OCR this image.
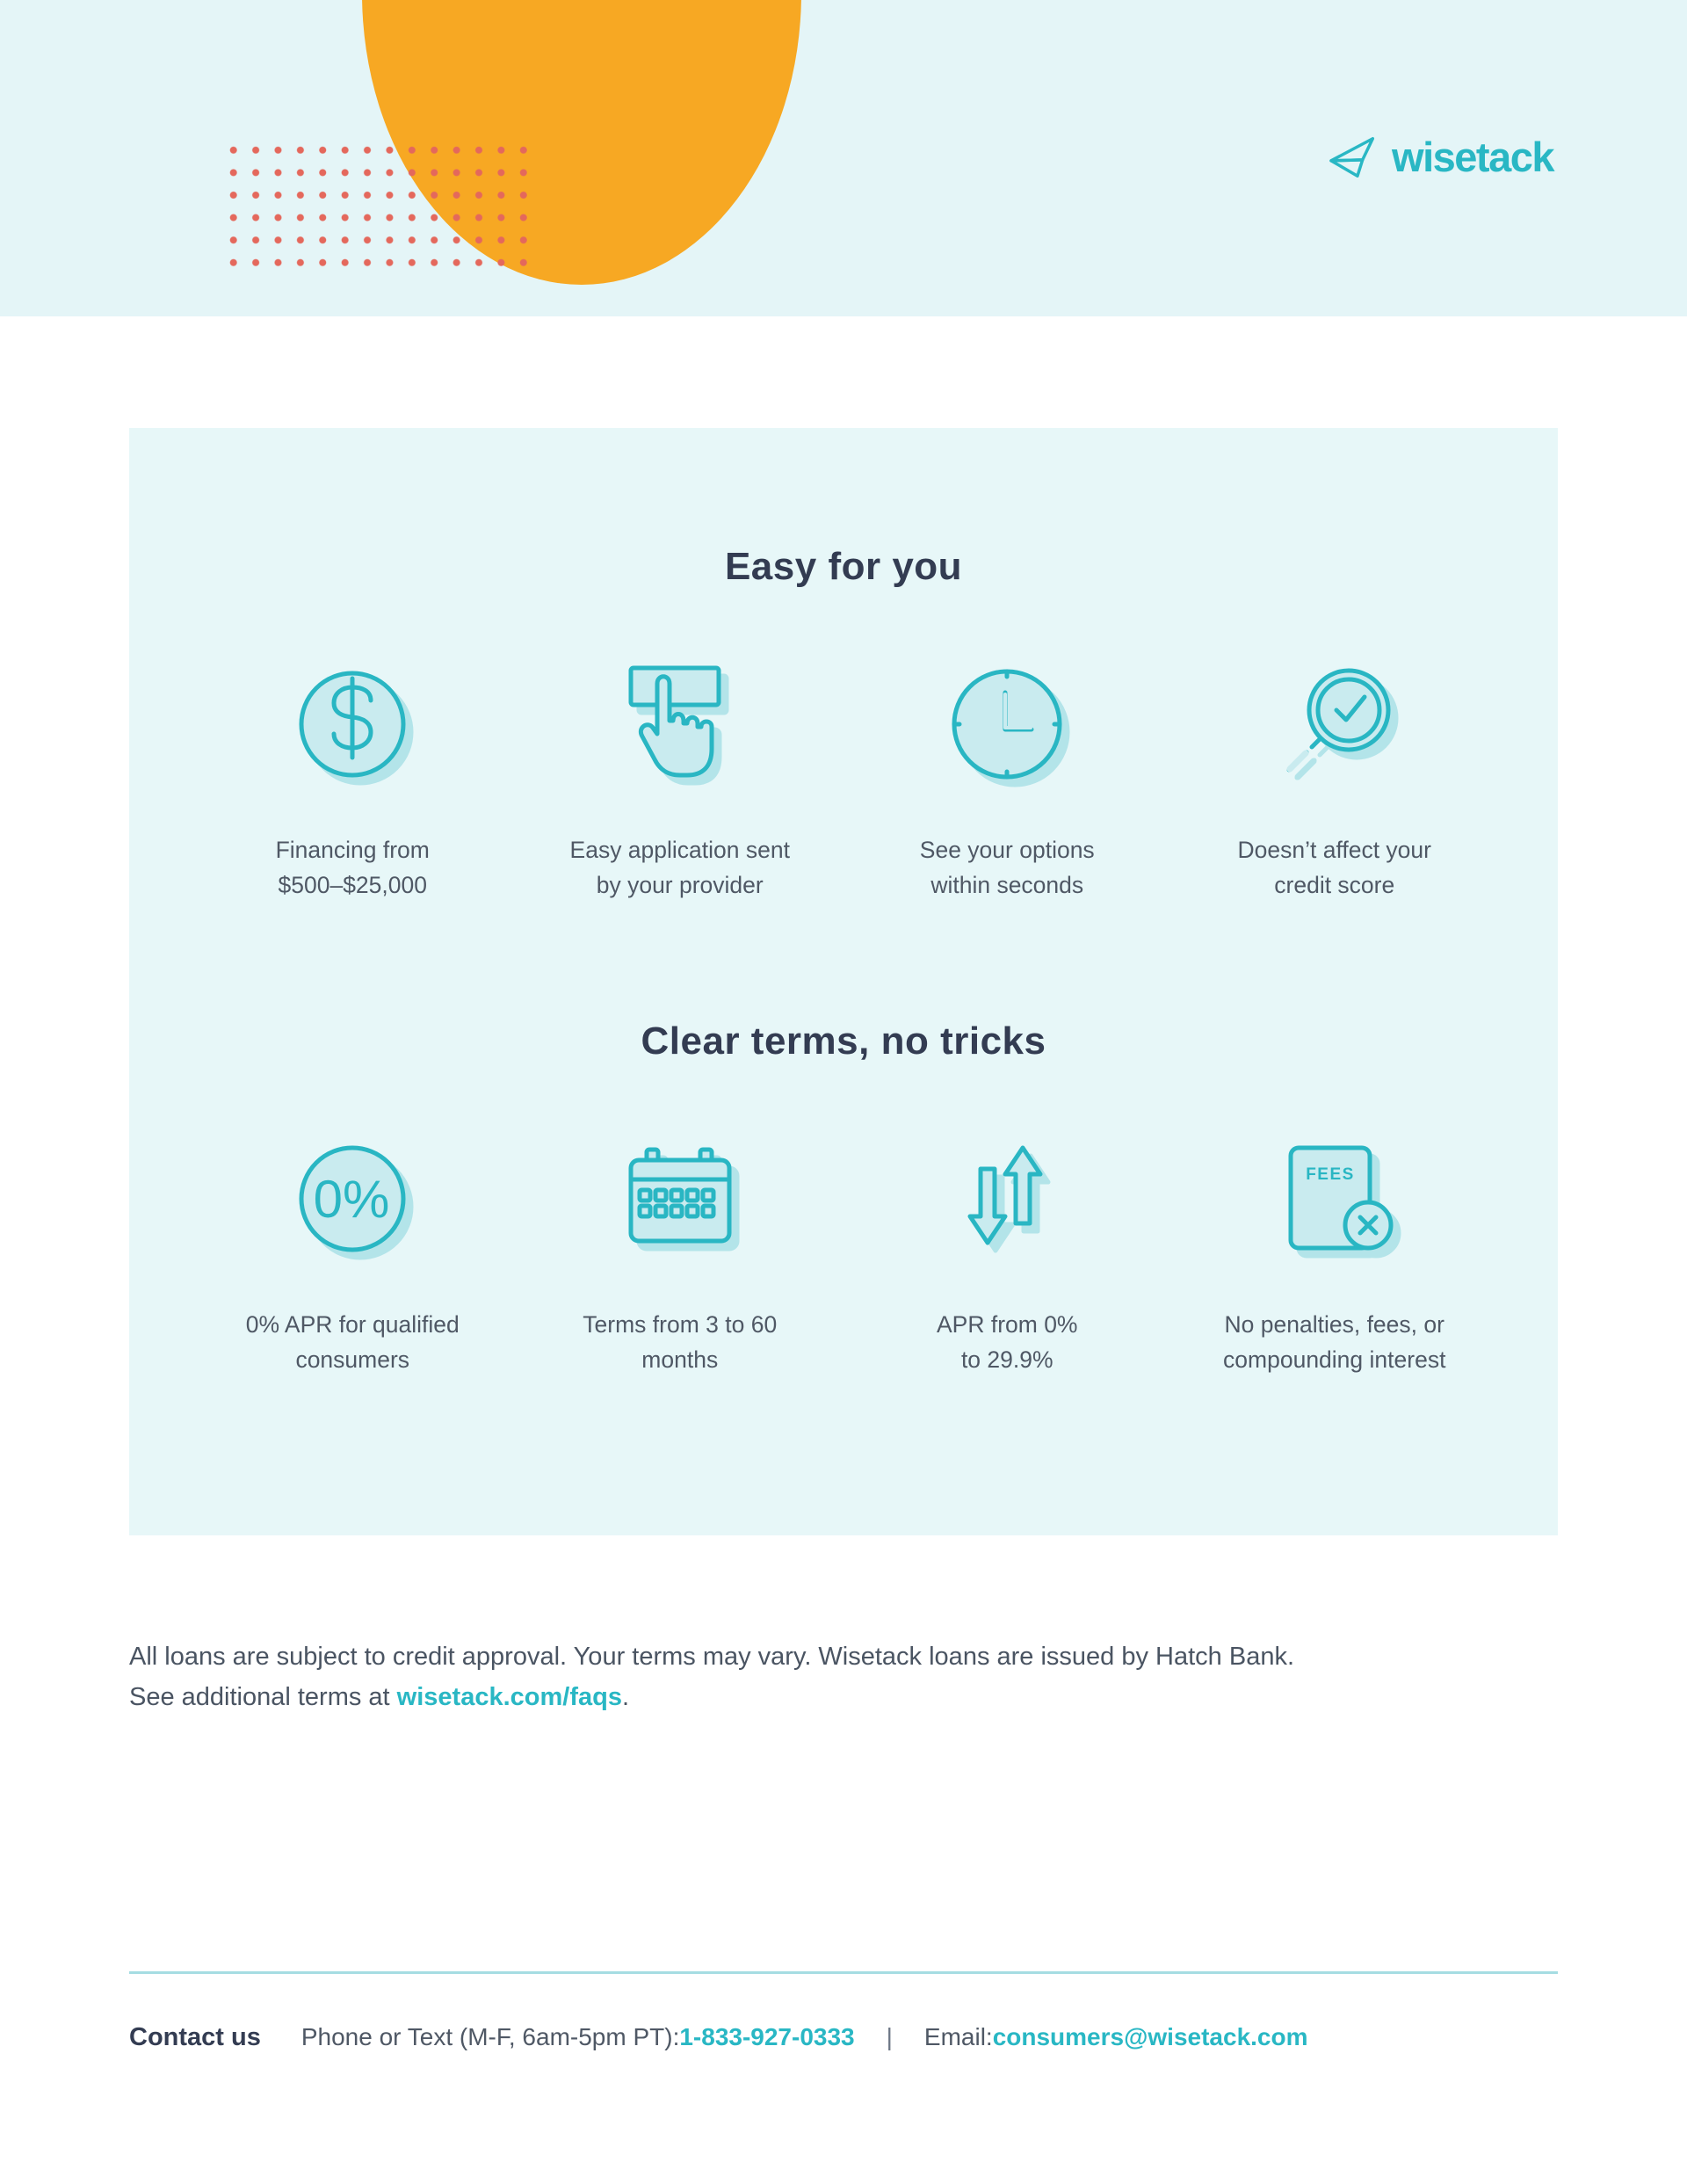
wisetack
Easy for you
Financing from
$500–$25,000
Easy application sent
by your provider
See your options
within seconds
Doesn’t affect your
credit score
Clear terms, no tricks
0%
0% APR for qualified
consumers
Terms from 3 to 60
months
APR from 0%
to 29.9%
FEES
No penalties, fees, or
compounding interest
All loans are subject to credit approval. Your terms may vary. Wisetack loans are issued by Hatch Bank.
See additional terms at wisetack.com/faqs.
Contact us Phone or Text (M-F, 6am-5pm PT): 1-833-927-0333 | Email: consumers@wisetack.com
